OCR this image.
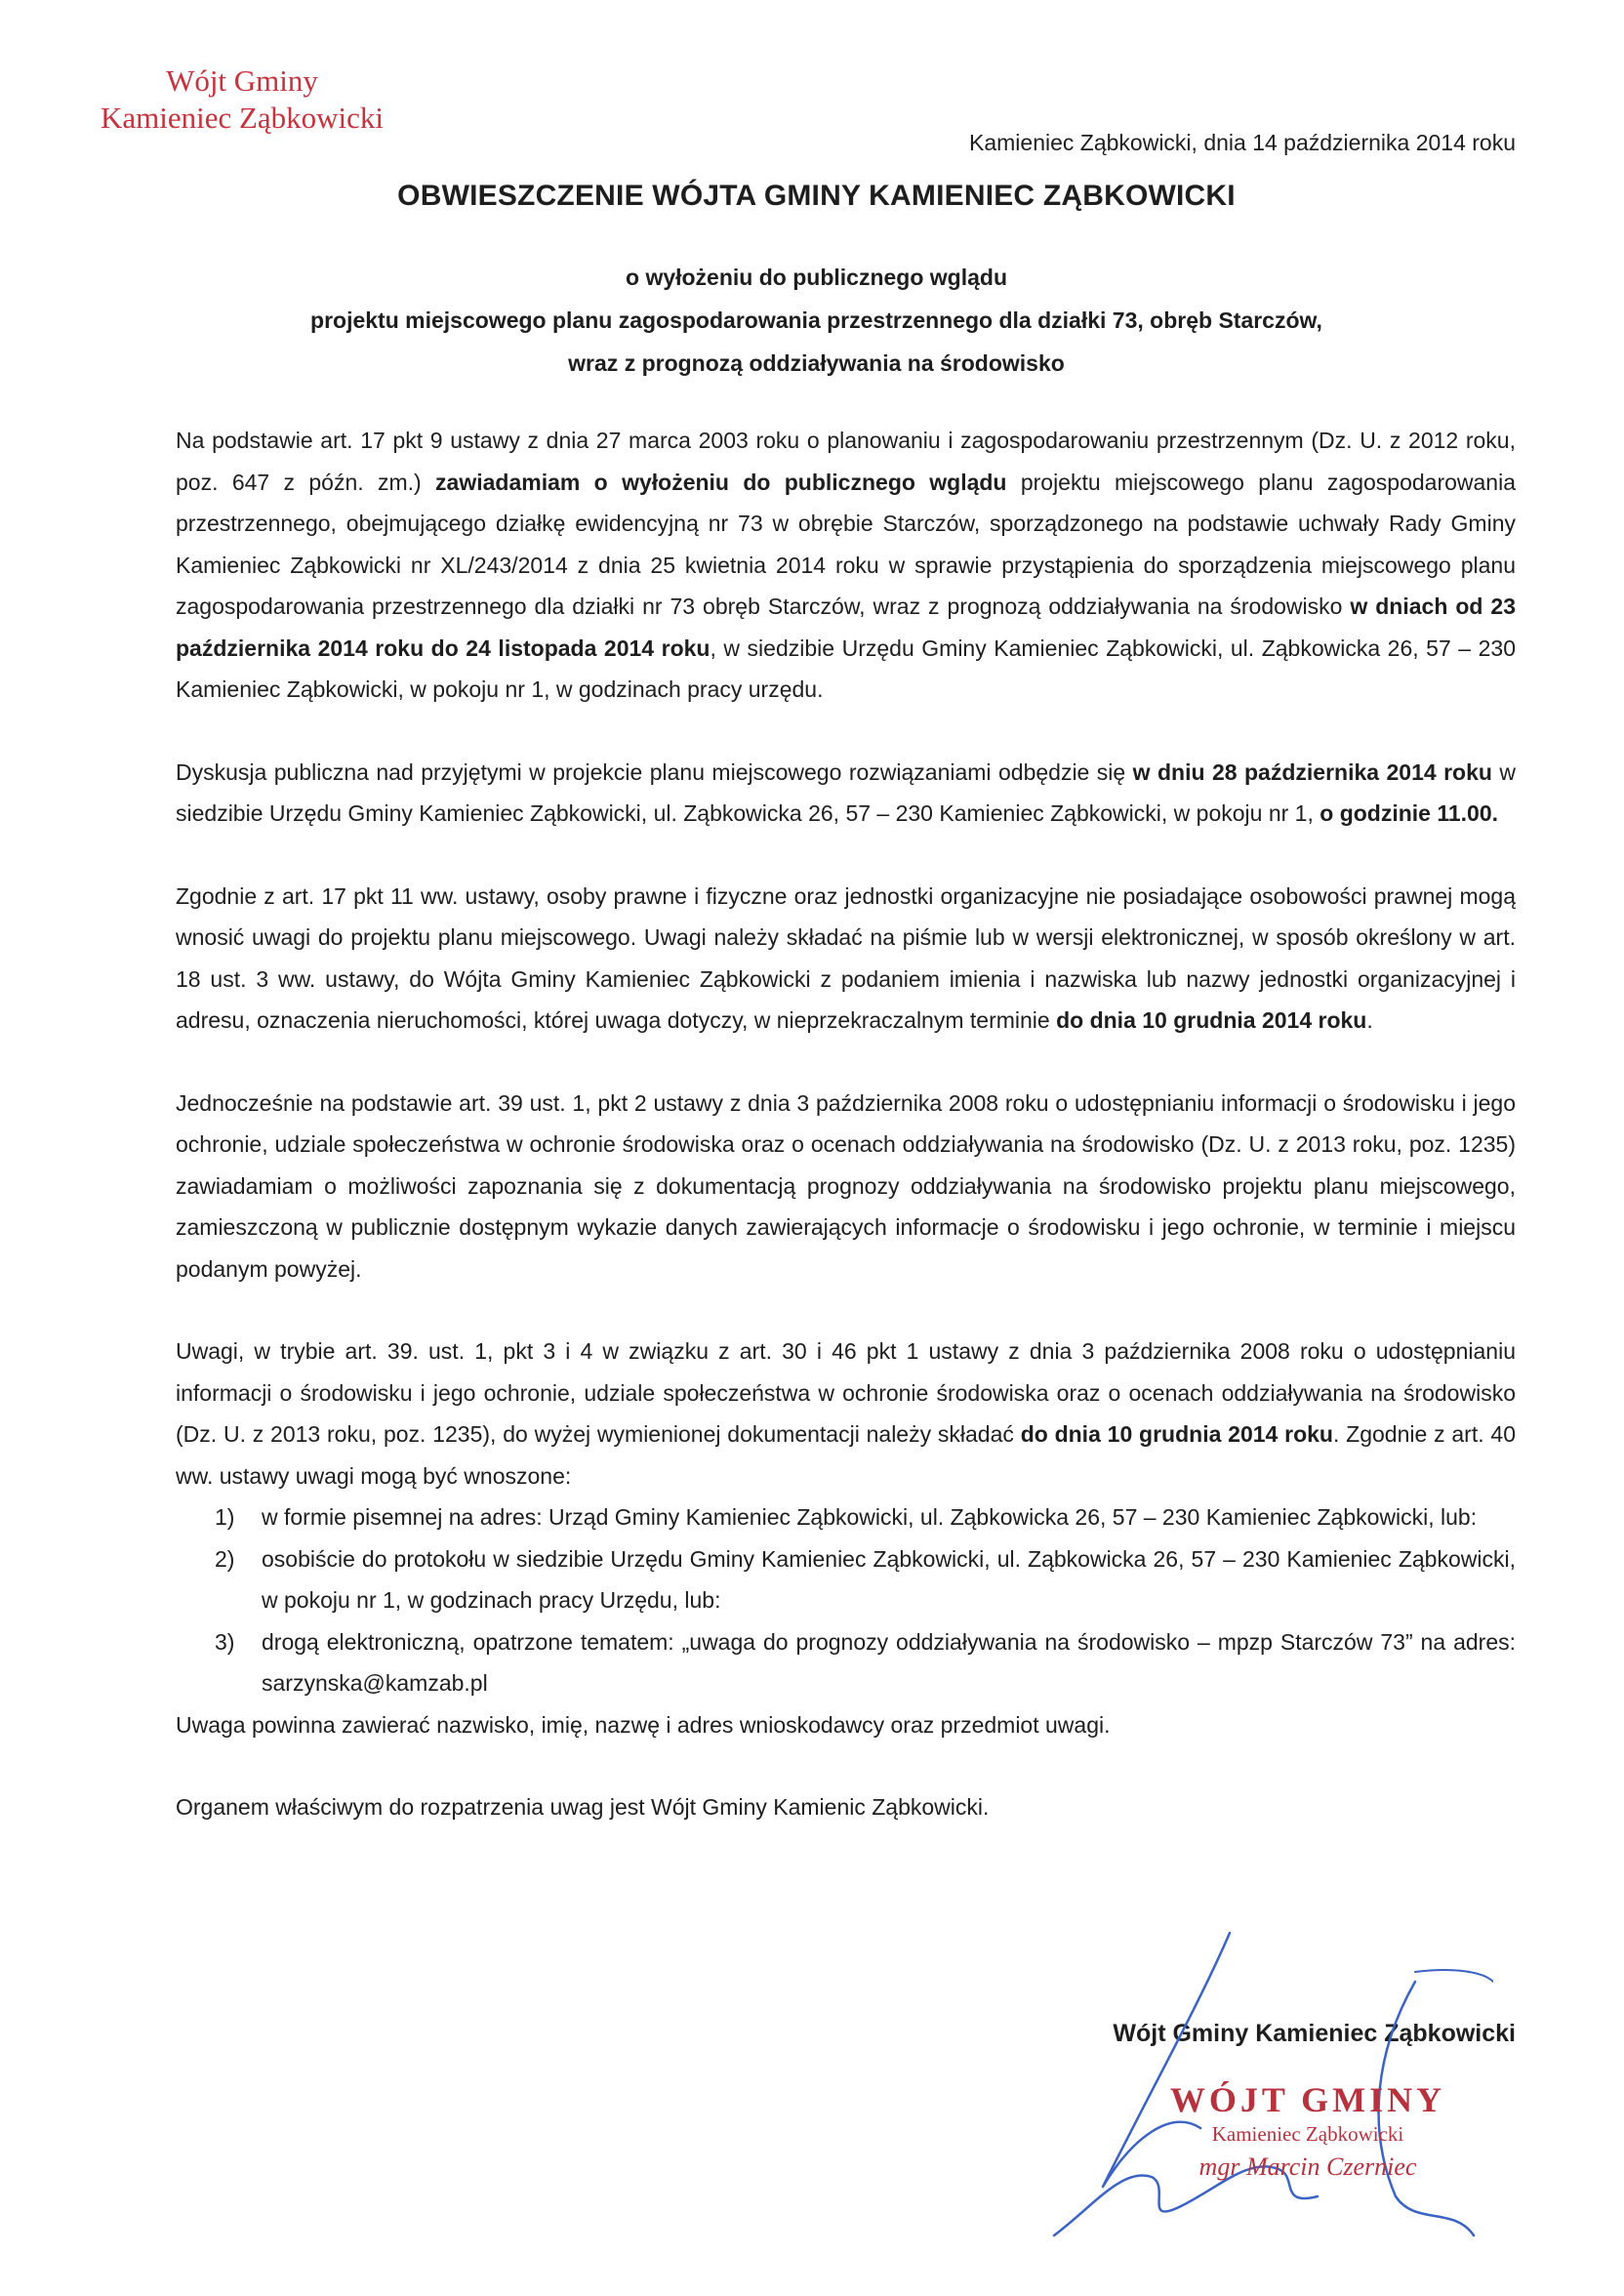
Wójt Gminy
Kamieniec Ząbkowicki
Kamieniec Ząbkowicki, dnia 14 października 2014 roku
OBWIESZCZENIE WÓJTA GMINY KAMIENIEC ZĄBKOWICKI
o wyłożeniu do publicznego wglądu
projektu miejscowego planu zagospodarowania przestrzennego dla działki 73, obręb Starczów,
wraz z prognozą oddziaływania na środowisko

Na podstawie art. 17 pkt 9 ustawy z dnia 27 marca 2003 roku o planowaniu i zagospodarowaniu przestrzennym (Dz. U. z 2012 roku, poz. 647 z późn. zm.) zawiadamiam o wyłożeniu do publicznego wglądu projektu miejscowego planu zagospodarowania przestrzennego, obejmującego działkę ewidencyjną nr 73 w obrębie Starczów, sporządzonego na podstawie uchwały Rady Gminy Kamieniec Ząbkowicki nr XL/243/2014 z dnia 25 kwietnia 2014 roku w sprawie przystąpienia do sporządzenia miejscowego planu zagospodarowania przestrzennego dla działki nr 73 obręb Starczów, wraz z prognozą oddziaływania na środowisko w dniach od 23 października 2014 roku do 24 listopada 2014 roku, w siedzibie Urzędu Gminy Kamieniec Ząbkowicki, ul. Ząbkowicka 26, 57 – 230 Kamieniec Ząbkowicki, w pokoju nr 1, w godzinach pracy urzędu.

Dyskusja publiczna nad przyjętymi w projekcie planu miejscowego rozwiązaniami odbędzie się w dniu 28 października 2014 roku w siedzibie Urzędu Gminy Kamieniec Ząbkowicki, ul. Ząbkowicka 26, 57 – 230 Kamieniec Ząbkowicki, w pokoju nr 1, o godzinie 11.00.

Zgodnie z art. 17 pkt 11 ww. ustawy, osoby prawne i fizyczne oraz jednostki organizacyjne nie posiadające osobowości prawnej mogą wnosić uwagi do projektu planu miejscowego. Uwagi należy składać na piśmie lub w wersji elektronicznej, w sposób określony w art. 18 ust. 3 ww. ustawy, do Wójta Gminy Kamieniec Ząbkowicki z podaniem imienia i nazwiska lub nazwy jednostki organizacyjnej i adresu, oznaczenia nieruchomości, której uwaga dotyczy, w nieprzekraczalnym terminie do dnia 10 grudnia 2014 roku.

Jednocześnie na podstawie art. 39 ust. 1, pkt 2 ustawy z dnia 3 października 2008 roku o udostępnianiu informacji o środowisku i jego ochronie, udziale społeczeństwa w ochronie środowiska oraz o ocenach oddziaływania na środowisko (Dz. U. z 2013 roku, poz. 1235) zawiadamiam o możliwości zapoznania się z dokumentacją prognozy oddziaływania na środowisko projektu planu miejscowego, zamieszczoną w publicznie dostępnym wykazie danych zawierających informacje o środowisku i jego ochronie, w terminie i miejscu podanym powyżej.

Uwagi, w trybie art. 39. ust. 1, pkt 3 i 4 w związku z art. 30 i 46 pkt 1 ustawy z dnia 3 października 2008 roku o udostępnianiu informacji o środowisku i jego ochronie, udziale społeczeństwa w ochronie środowiska oraz o ocenach oddziaływania na środowisko (Dz. U. z 2013 roku, poz. 1235), do wyżej wymienionej dokumentacji należy składać do dnia 10 grudnia 2014 roku. Zgodnie z art. 40 ww. ustawy uwagi mogą być wnoszone:

1) w formie pisemnej na adres: Urząd Gminy Kamieniec Ząbkowicki, ul. Ząbkowicka 26, 57 – 230 Kamieniec Ząbkowicki, lub:
2) osobiście do protokołu w siedzibie Urzędu Gminy Kamieniec Ząbkowicki, ul. Ząbkowicka 26, 57 – 230 Kamieniec Ząbkowicki, w pokoju nr 1, w godzinach pracy Urzędu, lub:
3) drogą elektroniczną, opatrzone tematem: „uwaga do prognozy oddziaływania na środowisko – mpzp Starczów 73” na adres: sarzynska@kamzab.pl

Uwaga powinna zawierać nazwisko, imię, nazwę i adres wnioskodawcy oraz przedmiot uwagi.

Organem właściwym do rozpatrzenia uwag jest Wójt Gminy Kamienic Ząbkowicki.

Wójt Gminy Kamieniec Ząbkowicki
WÓJT GMINY
Kamieniec Ząbkowicki
mgr Marcin Czerniec
